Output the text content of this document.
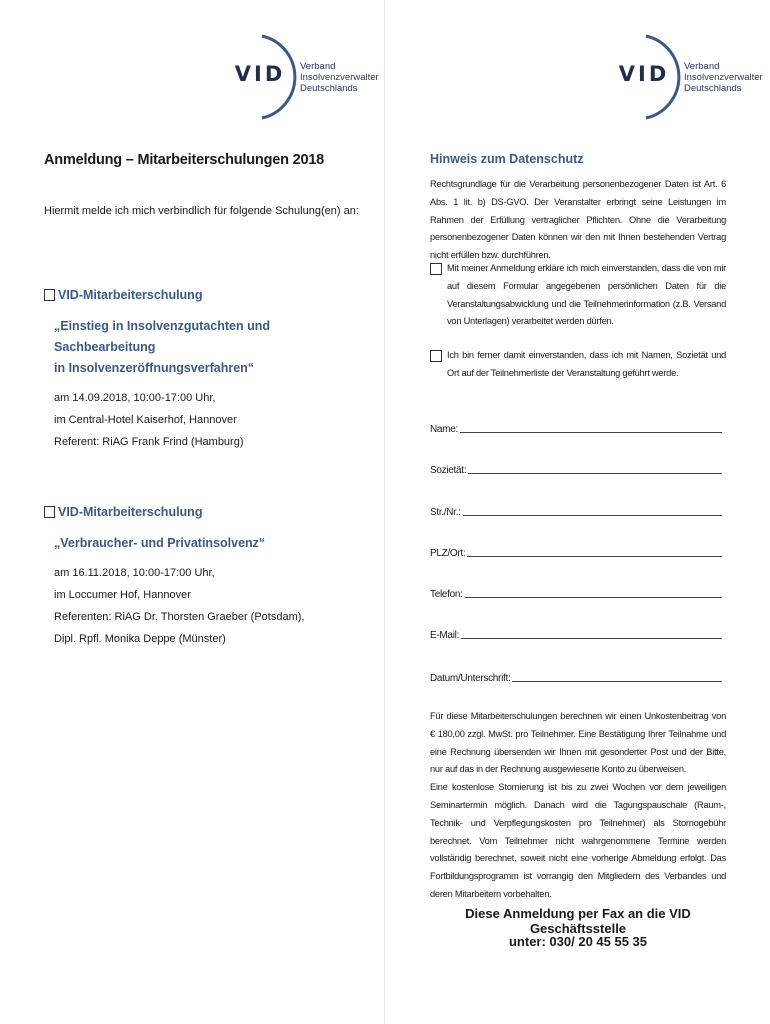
VID	Verband
Insolvenzverwalter
Deutschlands
VID	Verband
Insolvenzverwalter
Deutschlands
Anmeldung – Mitarbeiterschulungen 2018
Hiermit melde ich mich verbindlich für folgende Schulung(en) an:
VID-Mitarbeiterschulung
„Einstieg in Insolvenzgutachten und Sachbearbeitung
in Insolvenzeröffnungsverfahren“
am 14.09.2018, 10:00-17:00 Uhr,
im Central-Hotel Kaiserhof, Hannover
Referent: RiAG Frank Frind (Hamburg)
VID-Mitarbeiterschulung
„Verbraucher- und Privatinsolvenz“
am 16.11.2018, 10:00-17:00 Uhr,
im Loccumer Hof, Hannover
Referenten: RiAG Dr. Thorsten Graeber (Potsdam),
Dipl. Rpfl. Monika Deppe (Münster)
Hinweis zum Datenschutz
Rechtsgrundlage für die Verarbeitung personenbezogener Daten ist Art. 6 Abs. 1 lit. b) DS-GVO. Der Veranstalter erbringt seine Leistungen im Rahmen der Erfüllung vertraglicher Pflichten. Ohne die Verarbeitung personenbezogener Daten können wir den mit Ihnen bestehenden Vertrag nicht erfüllen bzw. durchführen.
Mit meiner Anmeldung erkläre ich mich einverstanden, dass die von mir auf diesem Formular angegebenen persönlichen Daten für die Veranstaltungsabwicklung und die Teilnehmerinformation (z.B. Versand von Unterlagen) verarbeitet werden dürfen.
Ich bin ferner damit einverstanden, dass ich mit Namen, Sozietät und Ort auf der Teilnehmerliste der Veranstaltung geführt werde.
Name:
Sozietät:
Str./Nr.:
PLZ/Ort:
Telefon:
E-Mail:
Datum/Unterschrift:

Für diese Mitarbeiterschulungen berechnen wir einen Unkostenbeitrag von € 180,00 zzgl. MwSt. pro Teilnehmer. Eine Bestätigung Ihrer Teilnahme und eine Rechnung übersenden wir Ihnen mit gesonderter Post und der Bitte, nur auf das in der Rechnung ausgewiesene Konto zu überweisen.

Eine kostenlose Stornierung ist bis zu zwei Wochen vor dem jeweiligen Seminartermin möglich. Danach wird die Tagungspauschale (Raum-, Technik- und Verpflegungskosten pro Teilnehmer) als Stornogebühr berechnet. Vom Teilnehmer nicht wahrgenommene Termine werden vollständig berechnet, soweit nicht eine vorherige Abmeldung erfolgt. Das Fortbildungsprogramm ist vorrangig den Mitgliedern des Verbandes und deren Mitarbeitern vorbehalten.

Diese Anmeldung per Fax an die VID Geschäftsstelle
unter: 030/ 20 45 55 35
